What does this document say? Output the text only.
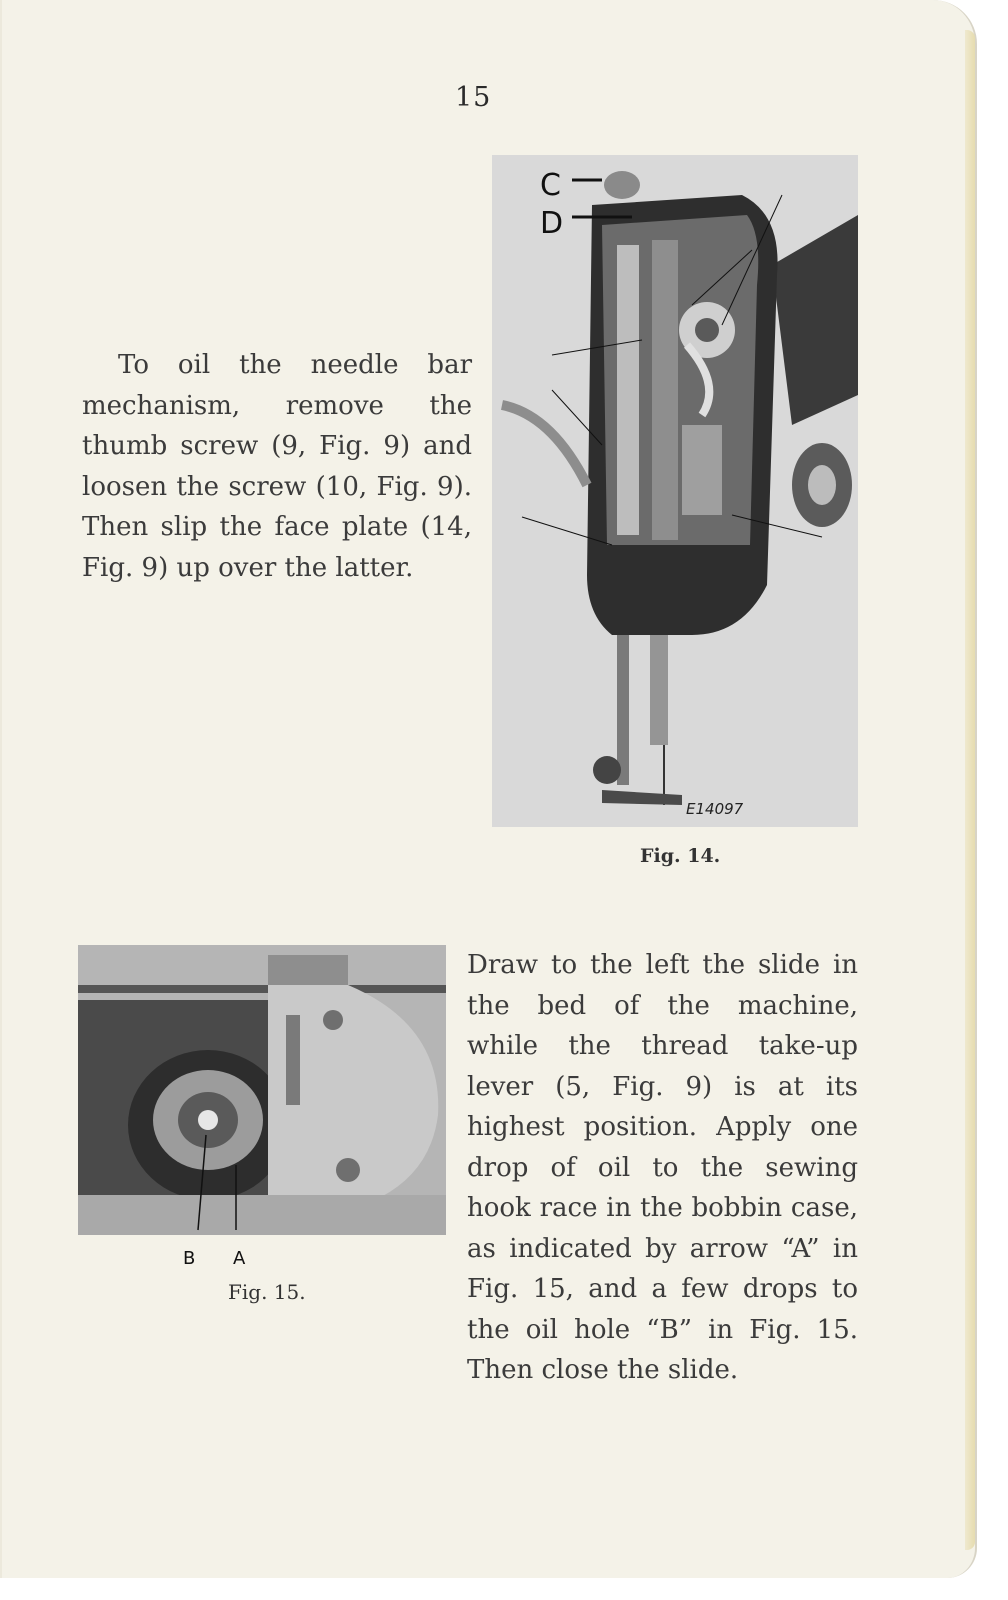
15

To oil the needle bar mechanism, remove the thumb screw (9, Fig. 9) and loosen the screw (10, Fig. 9). Then slip the face plate (14, Fig. 9) up over the latter.

C
D
E14097
Fig. 14.
B A
Fig. 15.
Draw to the left the slide in the bed of the machine, while the thread take-up lever (5, Fig. 9) is at its highest position. Apply one drop of oil to the sewing hook race in the bobbin case, as indicated by arrow “A” in Fig. 15, and a few drops to the oil hole “B” in Fig. 15. Then close the slide.
